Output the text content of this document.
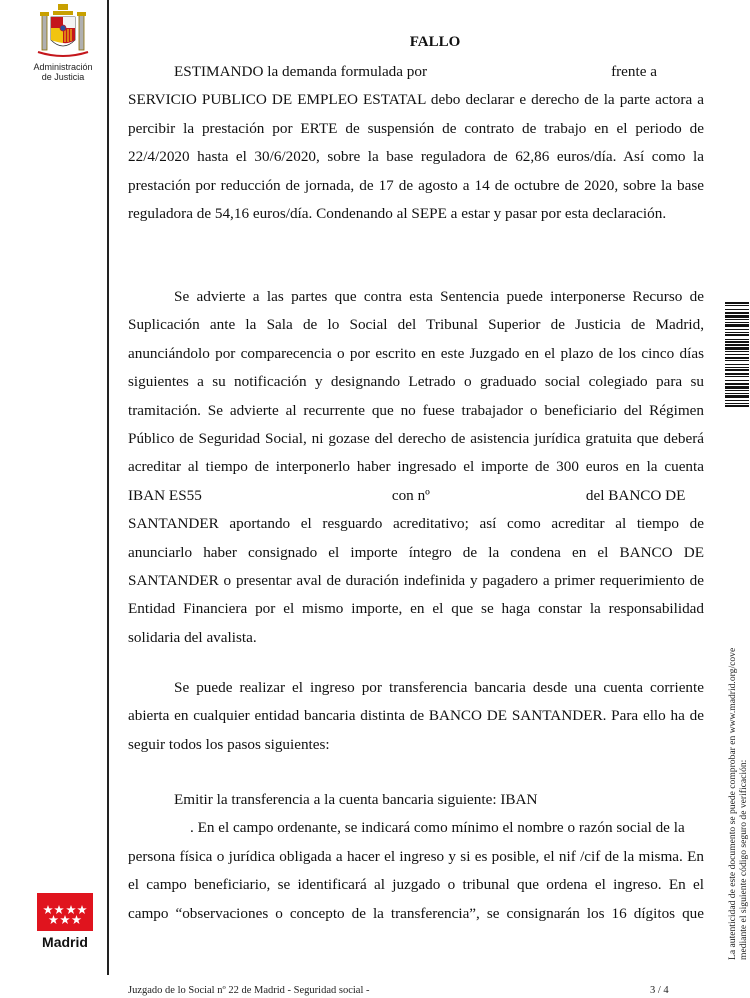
Administración
de Justicia
FALLO
ESTIMANDO la demanda formulada por	frente a
SERVICIO PUBLICO DE EMPLEO ESTATAL debo declarar e derecho de la parte actora a
percibir la prestación por ERTE de suspensión de contrato de trabajo en el periodo de
22/4/2020 hasta el 30/6/2020, sobre la base reguladora de 62,86 euros/día. Así como la
prestación por reducción de jornada, de 17 de agosto a 14 de octubre de 2020, sobre la base
reguladora de 54,16 euros/día. Condenando al SEPE a estar y pasar por esta declaración.
Se advierte a las partes que contra esta Sentencia puede interponerse Recurso de
Suplicación ante la Sala de lo Social del Tribunal Superior de Justicia de Madrid,
anunciándolo por comparecencia o por escrito en este Juzgado en el plazo de los cinco días
siguientes a su notificación y designando Letrado o graduado social colegiado para su
tramitación. Se advierte al recurrente que no fuese trabajador o beneficiario del Régimen
Público de Seguridad Social, ni gozase del derecho de asistencia jurídica gratuita que deberá
acreditar al tiempo de interponerlo haber ingresado el importe de 300 euros en la cuenta
IBAN ES55	con nº	del BANCO DE
SANTANDER aportando el resguardo acreditativo; así como acreditar al tiempo de
anunciarlo haber consignado el importe íntegro de la condena en el BANCO DE
SANTANDER o presentar aval de duración indefinida y pagadero a primer requerimiento de
Entidad Financiera por el mismo importe, en el que se haga constar la responsabilidad
solidaria del avalista.
Se puede realizar el ingreso por transferencia bancaria desde una cuenta corriente
abierta en cualquier entidad bancaria distinta de BANCO DE SANTANDER. Para ello ha de
seguir todos los pasos siguientes:
Emitir la transferencia a la cuenta bancaria siguiente: IBAN
. En el campo ordenante, se indicará como mínimo el nombre o razón social de la
persona física o jurídica obligada a hacer el ingreso y si es posible, el nif /cif de la misma. En
el campo beneficiario, se identificará al juzgado o tribunal que ordena el ingreso. En el
campo “observaciones o concepto de la transferencia”, se consignarán los 16 dígitos que La autenticidad de este documento se puede comprobar en www.madrid.org/cove mediante el siguiente código seguro de verificación:
Madrid
Juzgado de lo Social nº 22 de Madrid - Seguridad social -	3 / 4
